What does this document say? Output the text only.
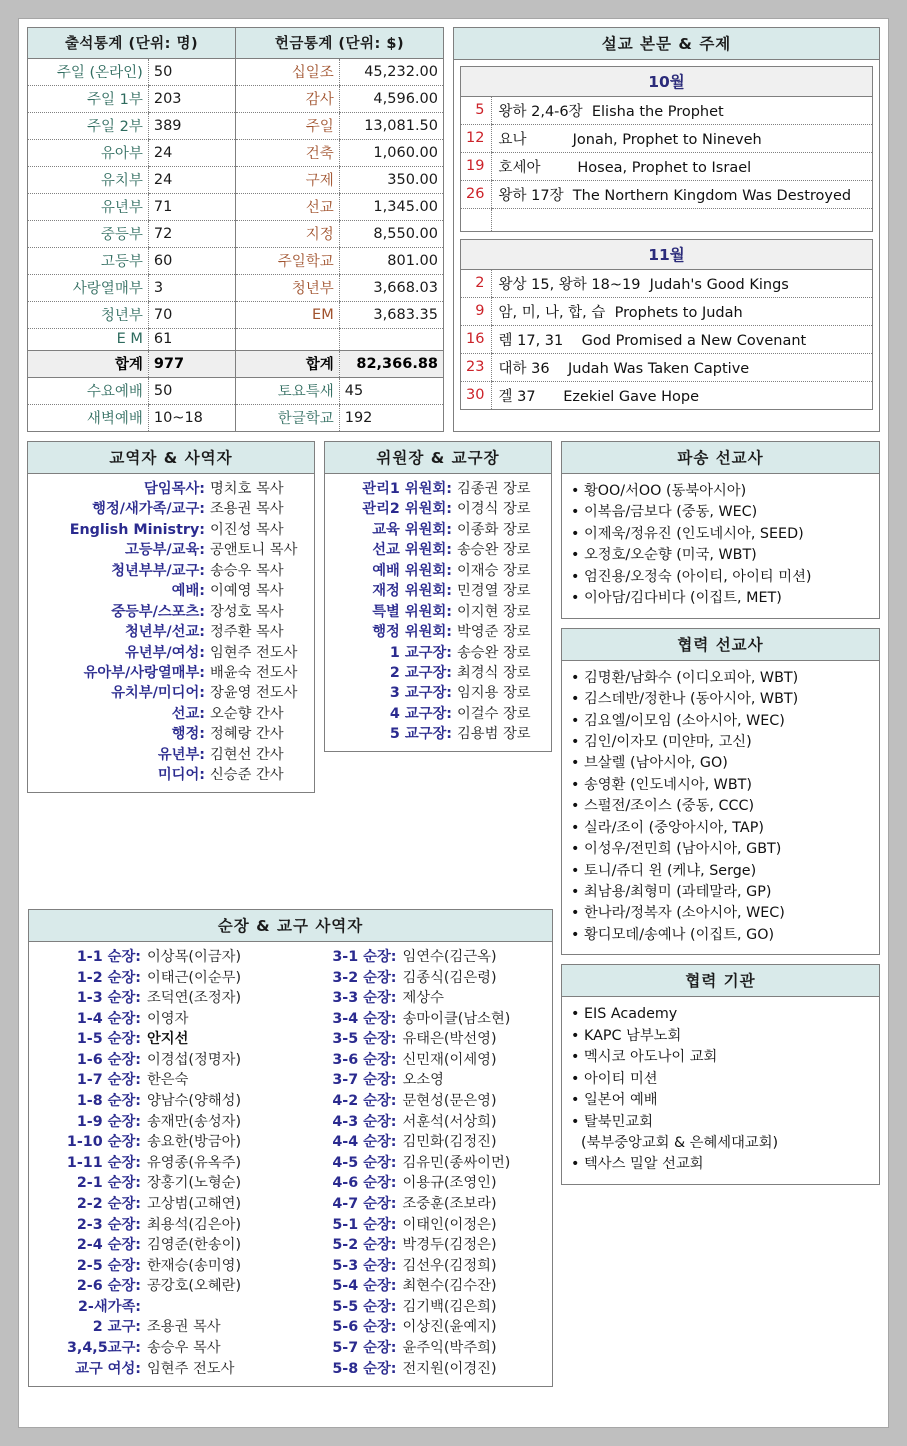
출석통계 (단위: 명)		헌금통계 (단위: $)	
주일 (온라인)	50	십일조	45,232.00
주일 1부	203	감사	4,596.00
주일 2부	389	주일	13,081.50
유아부	24	건축	1,060.00
유치부	24	구제	350.00
유년부	71	선교	1,345.00
중등부	72	지정	8,550.00
고등부	60	주일학교	801.00
사랑열매부	3	청년부	3,668.03
청년부	70	EM	3,683.35
E M	61		
합계	977	합계	82,366.88
수요예배	50	토요특새	45
새벽예배	10~18	한글학교	192
설교 본문 & 주제
10월
5	왕하 2,4-6장  Elisha the Prophet
12	요나          Jonah, Prophet to Nineveh
19	호세아        Hosea, Prophet to Israel
26	왕하 17장  The Northern Kingdom Was Destroyed

11월
2	왕상 15, 왕하 18~19  Judah's Good Kings
9	암, 미, 나, 합, 습  Prophets to Judah
16	렘 17, 31    God Promised a New Covenant
23	대하 36    Judah Was Taken Captive
30	겔 37      Ezekiel Gave Hope
교역자 & 사역자
담임목사: 명치호 목사
행정/새가족/교구: 조용권 목사
English Ministry: 이진성 목사
고등부/교육: 공앤토니 목사
청년부부/교구: 송승우 목사
예배: 이예영 목사
중등부/스포츠: 장성호 목사
청년부/선교: 정주환 목사
유년부/여성: 임현주 전도사
유아부/사랑열매부: 배윤숙 전도사
유치부/미디어: 장윤영 전도사
선교: 오순향 간사
행정: 정혜랑 간사
유년부: 김현선 간사
미디어: 신승준 간사
위원장 & 교구장
관리1 위원회: 김종권 장로
관리2 위원회: 이경식 장로
교육 위원회: 이종화 장로
선교 위원회: 송승완 장로
예배 위원회: 이재승 장로
재정 위원회: 민경열 장로
특별 위원회: 이지현 장로
행정 위원회: 박영준 장로
1 교구장: 송승완 장로
2 교구장: 최경식 장로
3 교구장: 임지용 장로
4 교구장: 이걸수 장로
5 교구장: 김용범 장로
파송 선교사
• 황OO/서OO (동북아시아)
• 이복음/금보다 (중동, WEC)
• 이제욱/정유진 (인도네시아, SEED)
• 오정호/오순향 (미국, WBT)
• 엄진용/오정숙 (아이티, 아이티 미션)
• 이아담/김다비다 (이집트, MET)
협력 선교사
• 김명환/남화수 (이디오피아, WBT)
• 김스데반/정한나 (동아시아, WBT)
• 김요엘/이모임 (소아시아, WEC)
• 김인/이자모 (미얀마, 고신)
• 브살렐 (남아시아, GO)
• 송영환 (인도네시아, WBT)
• 스펄전/조이스 (중동, CCC)
• 실라/조이 (중앙아시아, TAP)
• 이성우/전민희 (남아시아, GBT)
• 토니/쥬디 윈 (케냐, Serge)
• 최남용/최형미 (과테말라, GP)
• 한나라/정복자 (소아시아, WEC)
• 황디모데/송예나 (이집트, GO)
협력 기관
• EIS Academy
• KAPC 남부노회
• 멕시코 아도나이 교회
• 아이티 미션
• 일본어 예배
• 탈북민교회
(북부중앙교회 & 은혜세대교회)
• 텍사스 밀알 선교회
순장 & 교구 사역자
1-1 순장: 이상목(이금자)
1-2 순장: 이태근(이순무)
1-3 순장: 조덕연(조정자)
1-4 순장: 이영자
1-5 순장: 안지선
1-6 순장: 이경섭(정명자)
1-7 순장: 한은숙
1-8 순장: 양남수(양해성)
1-9 순장: 송재만(송성자)
1-10 순장: 송요한(방금아)
1-11 순장: 유영종(유옥주)
2-1 순장: 장홍기(노형순)
2-2 순장: 고상범(고해연)
2-3 순장: 최용석(김은아)
2-4 순장: 김영준(한송이)
2-5 순장: 한재승(송미영)
2-6 순장: 공강호(오혜란)
2-새가족:
2 교구: 조용권 목사
3,4,5교구: 송승우 목사
교구 여성: 임현주 전도사
3-1 순장: 임연수(김근옥)
3-2 순장: 김종식(김은령)
3-3 순장: 제상수
3-4 순장: 송마이클(남소현)
3-5 순장: 유태은(박선영)
3-6 순장: 신민재(이세영)
3-7 순장: 오소영
4-2 순장: 문현성(문은영)
4-3 순장: 서훈석(서상희)
4-4 순장: 김민화(김정진)
4-5 순장: 김유민(종싸이먼)
4-6 순장: 이용규(조영인)
4-7 순장: 조중훈(조보라)
5-1 순장: 이태인(이정은)
5-2 순장: 박경두(김정은)
5-3 순장: 김선우(김정희)
5-4 순장: 최현수(김수잔)
5-5 순장: 김기백(김은희)
5-6 순장: 이상진(윤예지)
5-7 순장: 윤주익(박주희)
5-8 순장: 전지원(이경진)
